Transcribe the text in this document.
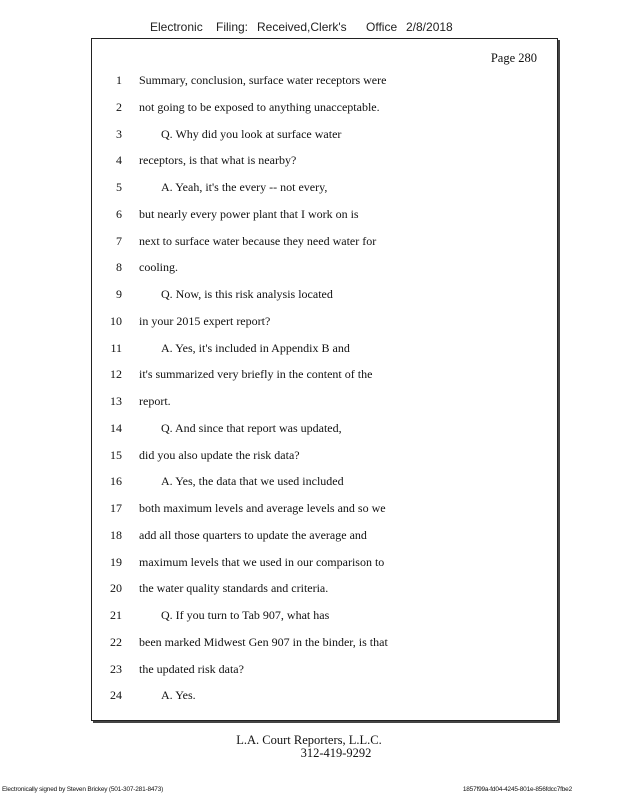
Electronic Filing: Received,Clerk's Office 2/8/2018
Page 280
1 Summary, conclusion, surface water receptors were
2 not going to be exposed to anything unacceptable.
3	Q. Why did you look at surface water
4 receptors, is that what is nearby?
5	A. Yeah, it's the every -- not every,
6 but nearly every power plant that I work on is
7 next to surface water because they need water for
8 cooling.
9	Q. Now, is this risk analysis located
10 in your 2015 expert report?
11	A. Yes, it's included in Appendix B and
12 it's summarized very briefly in the content of the
13 report.
14	Q. And since that report was updated,
15 did you also update the risk data?
16	A. Yes, the data that we used included
17 both maximum levels and average levels and so we
18 add all those quarters to update the average and
19 maximum levels that we used in our comparison to
20 the water quality standards and criteria.
21	Q. If you turn to Tab 907, what has
22 been marked Midwest Gen 907 in the binder, is that
23 the updated risk data?
24	A. Yes.
L.A. Court Reporters, L.L.C.
312-419-9292
Electronically signed by Steven Brickey (501-307-281-8473)	1857f99a-fd04-4245-801e-856fdcc7fbe2
